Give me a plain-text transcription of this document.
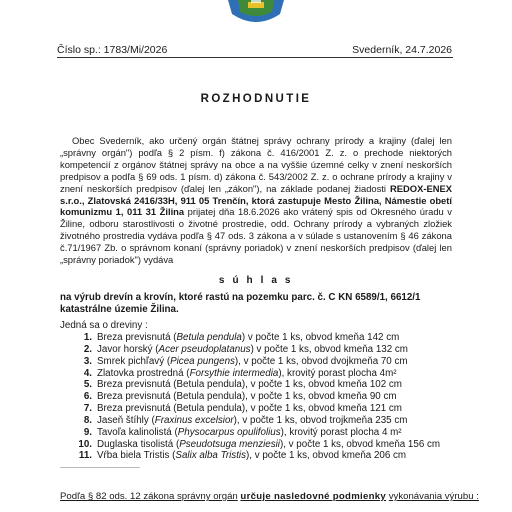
Číslo sp.: 1783/Mi/2026	Svederník, 24.7.2026
ROZHODNUTIE

Obec Svederník, ako určený orgán štátnej správy ochrany prírody a krajiny (ďalej len „správny orgán") podľa § 2 písm. f) zákona č. 416/2001 Z. z. o prechode niektorých kompetencií z orgánov štátnej správy na obce a na vyššie územné celky v znení neskorších predpisov a podľa § 69 ods. 1 písm. d) zákona č. 543/2002 Z. z. o ochrane prírody a krajiny v znení neskorších predpisov (ďalej len „zákon"), na základe podanej žiadosti REDOX-ENEX s.r.o., Zlatovská 2416/33H, 911 05 Trenčín, ktorá zastupuje Mesto Žilina, Námestie obetí komunizmu 1, 011 31 Žilina prijatej dňa 18.6.2026 ako vrátený spis od Okresného úradu v Žiline, odboru starostlivosti o životné prostredie, odd. Ochrany prírody a vybraných zložiek životného prostredia vydáva podľa § 47 ods. 3 zákona a v súlade s ustanovením § 46 zákona č.71/1967 Zb. o správnom konaní (správny poriadok) v znení neskorších predpisov (ďalej len „správny poriadok") vydáva

s ú h l a s
na výrub drevín a krovín, ktoré rastú na pozemku parc. č. C KN 6589/1, 6612/1 katastrálne územie Žilina.
Jedná sa o dreviny :
1. Breza previsnutá (Betula pendula) v počte 1 ks, obvod kmeňa 142 cm
2. Javor horský (Acer pseudoplatanus) v počte 1 ks, obvod kmeňa 132 cm
3. Smrek pichľavý (Picea pungens), v počte 1 ks, obvod dvojkmeňa 70 cm
4. Zlatovka prostredná (Forsythie intermedia), krovitý porast plocha 4m²
5. Breza previsnutá (Betula pendula), v počte 1 ks, obvod kmeňa 102 cm
6. Breza previsnutá (Betula pendula), v počte 1 ks, obvod kmeňa 90 cm
7. Breza previsnutá (Betula pendula), v počte 1 ks, obvod kmeňa 121 cm
8. Jaseň štíhly (Fraxinus excelsior), v počte 1 ks, obvod trojkmeňa 235 cm
9. Tavoľa kalinolistá (Physocarpus opulifolius), krovitý porast plocha 4 m²
10. Duglaska tisolistá (Pseudotsuga menziesii), v počte 1 ks, obvod kmeňa 156 cm
11. Vŕba biela Tristis (Salix alba Tristis), v počte 1 ks, obvod kmeňa 206 cm
Podľa § 82 ods. 12 zákona správny orgán určuje nasledovné podmienky vykonávania výrubu :
